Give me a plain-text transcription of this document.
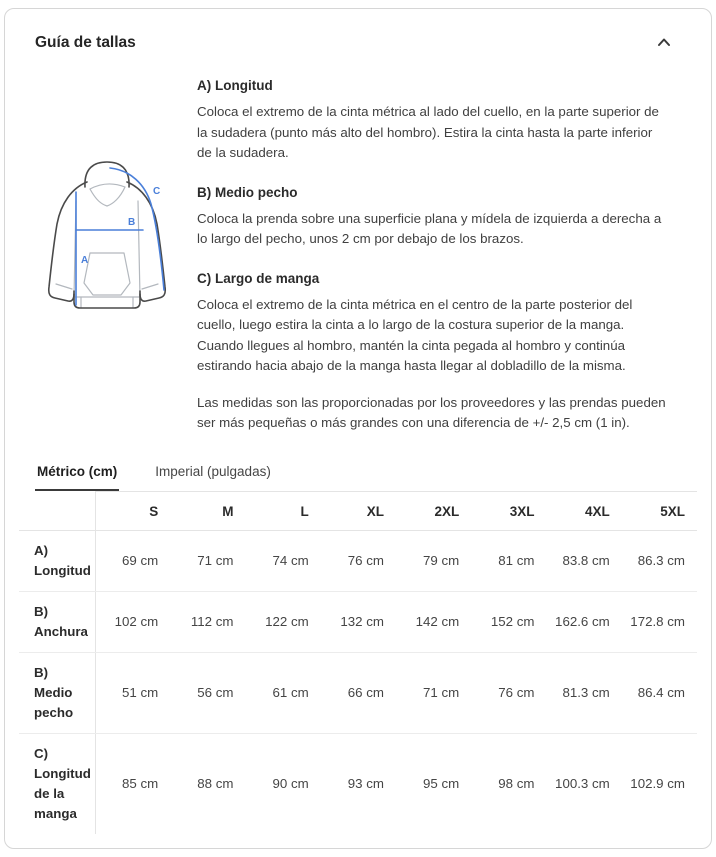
Guía de tallas
A
B
C
A) Longitud

Coloca el extremo de la cinta métrica al lado del cuello, en la parte superior de la sudadera (punto más alto del hombro). Estira la cinta hasta la parte inferior de la sudadera.

B) Medio pecho

Coloca la prenda sobre una superficie plana y mídela de izquierda a derecha a lo largo del pecho, unos 2 cm por debajo de los brazos.

C) Largo de manga

Coloca el extremo de la cinta métrica en el centro de la parte posterior del cuello, luego estira la cinta a lo largo de la costura superior de la manga. Cuando llegues al hombro, mantén la cinta pegada al hombro y continúa estirando hacia abajo de la manga hasta llegar al dobladillo de la misma.

Las medidas son las proporcionadas por los proveedores y las prendas pueden ser más pequeñas o más grandes con una diferencia de +/- 2,5 cm (1 in).

Métrico (cm)	Imperial (pulgadas)
	S	M	L	XL	2XL	3XL	4XL	5XL
A) Longitud	69 cm	71 cm	74 cm	76 cm	79 cm	81 cm	83.8 cm	86.3 cm
B) Anchura	102 cm	112 cm	122 cm	132 cm	142 cm	152 cm	162.6 cm	172.8 cm
B) Medio pecho	51 cm	56 cm	61 cm	66 cm	71 cm	76 cm	81.3 cm	86.4 cm
C) Longitud de la manga	85 cm	88 cm	90 cm	93 cm	95 cm	98 cm	100.3 cm	102.9 cm
